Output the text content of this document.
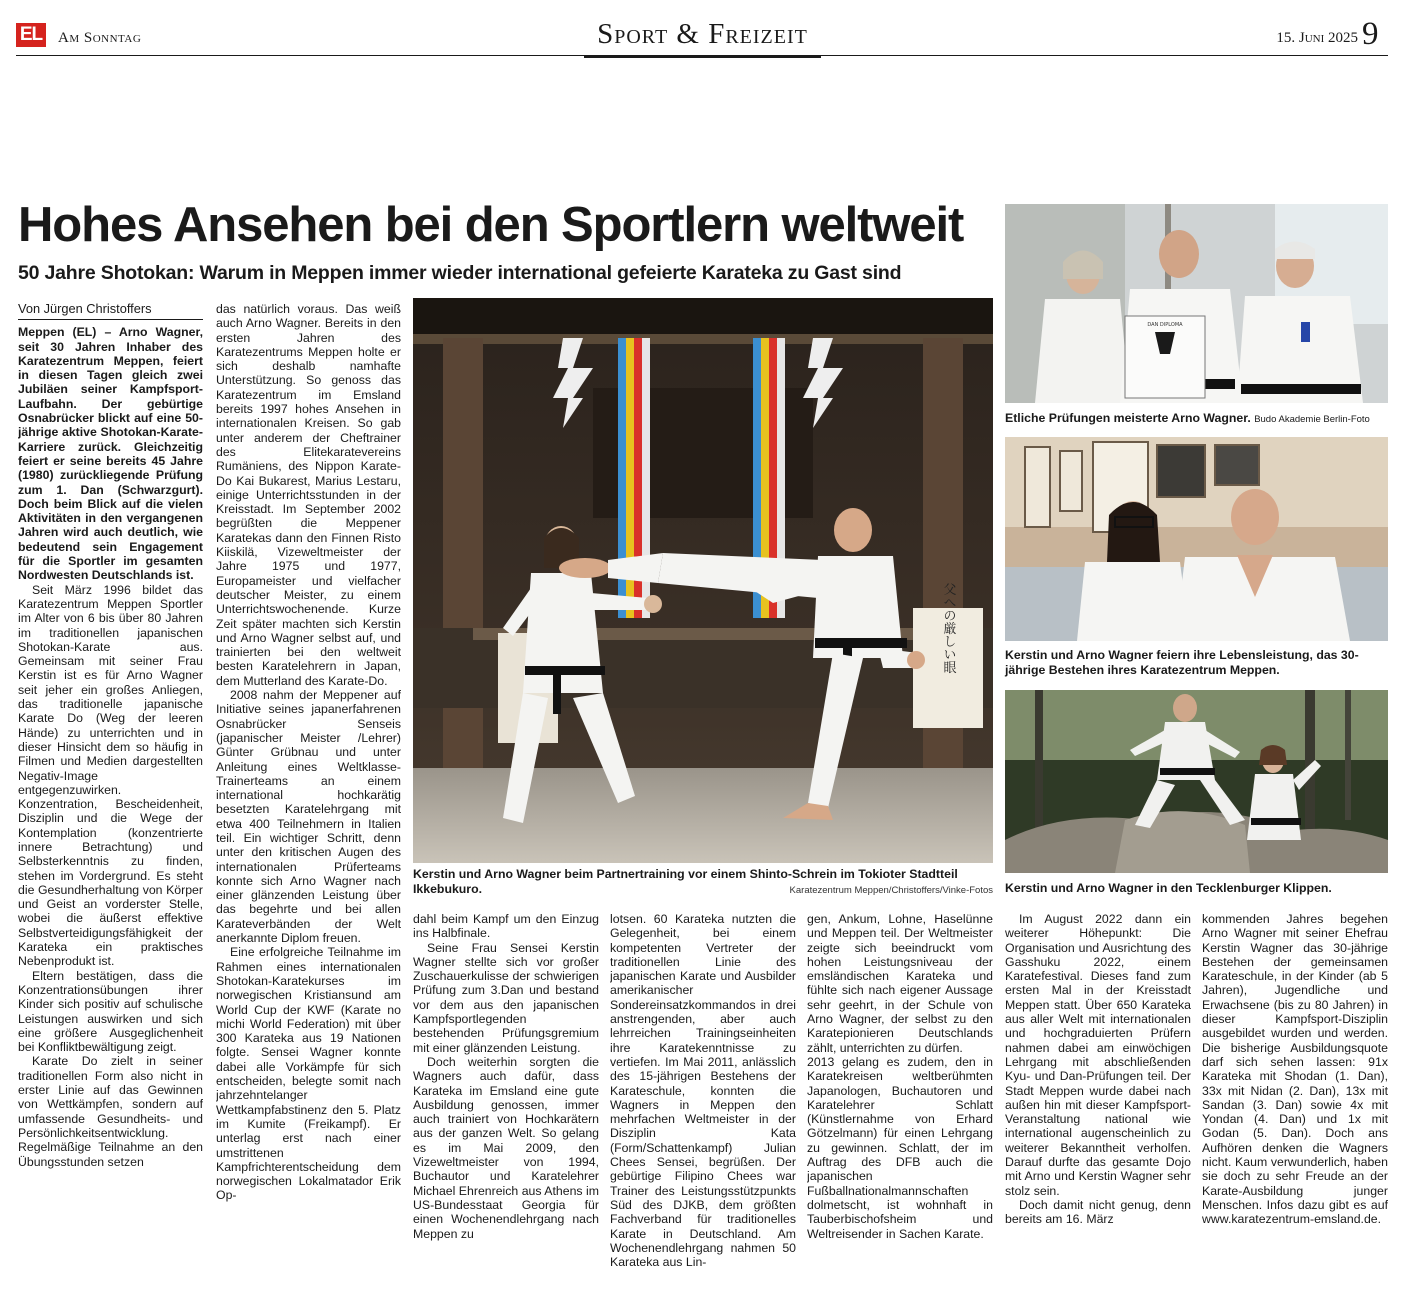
EL Am Sonntag	Sport & Freizeit	15. Juni 2025 9
Hohes Ansehen bei den Sportlern weltweit
50 Jahre Shotokan: Warum in Meppen immer wieder international gefeierte Karateka zu Gast sind
Von Jürgen Christoffers

Meppen (EL) – Arno Wagner, seit 30 Jahren Inhaber des Karatezentrum Meppen, feiert in diesen Tagen gleich zwei Jubiläen seiner Kampfsport-Laufbahn. Der gebürtige Osnabrücker blickt auf eine 50-jährige aktive Shotokan-Karate-Karriere zurück. Gleichzeitig feiert er seine bereits 45 Jahre (1980) zurückliegende Prüfung zum 1. Dan (Schwarzgurt). Doch beim Blick auf die vielen Aktivitäten in den vergangenen Jahren wird auch deutlich, wie bedeutend sein Engagement für die Sportler im gesamten Nordwesten Deutschlands ist.

Seit März 1996 bildet das Karatezentrum Meppen Sportler im Alter von 6 bis über 80 Jahren im traditionellen japanischen Shotokan-Karate aus. Gemeinsam mit seiner Frau Kerstin ist es für Arno Wagner seit jeher ein großes Anliegen, das traditionelle japanische Karate Do (Weg der leeren Hände) zu unterrichten und in dieser Hinsicht dem so häufig in Filmen und Medien dargestellten Negativ-Image entgegenzuwirken. Konzentration, Bescheidenheit, Disziplin und die Wege der Kontemplation (konzentrierte innere Betrachtung) und Selbsterkenntnis zu finden, stehen im Vordergrund. Es steht die Gesundherhaltung von Körper und Geist an vorderster Stelle, wobei die äußerst effektive Selbstverteidigungsfähigkeit der Karateka ein praktisches Nebenprodukt ist.

Eltern bestätigen, dass die Konzentrationsübungen ihrer Kinder sich positiv auf schulische Leistungen auswirken und sich eine größere Ausgeglichenheit bei Konfliktbewältigung zeigt.

Karate Do zielt in seiner traditionellen Form also nicht in erster Linie auf das Gewinnen von Wettkämpfen, sondern auf umfassende Gesundheits- und Persönlichkeitsentwicklung. Regelmäßige Teilnahme an den Übungsstunden setzen

das natürlich voraus. Das weiß auch Arno Wagner. Bereits in den ersten Jahren des Karatezentrums Meppen holte er sich deshalb namhafte Unterstützung. So genoss das Karatezentrum im Emsland bereits 1997 hohes Ansehen in internationalen Kreisen. So gab unter anderem der Cheftrainer des Elitekaratevereins Rumäniens, des Nippon Karate-Do Kai Bukarest, Marius Lestaru, einige Unterrichtsstunden in der Kreisstadt. Im September 2002 begrüßten die Meppener Karatekas dann den Finnen Risto Kiiskilä, Vizeweltmeister der Jahre 1975 und 1977, Europameister und vielfacher deutscher Meister, zu einem Unterrichtswochenende. Kurze Zeit später machten sich Kerstin und Arno Wagner selbst auf, und trainierten bei den weltweit besten Karatelehrern in Japan, dem Mutterland des Karate-Do.

2008 nahm der Meppener auf Initiative seines japanerfahrenen Osnabrücker Senseis (japanischer Meister /Lehrer) Günter Grübnau und unter Anleitung eines Weltklasse-Trainerteams an einem international hochkarätig besetzten Karatelehrgang mit etwa 400 Teilnehmern in Italien teil. Ein wichtiger Schritt, denn unter den kritischen Augen des internationalen Prüferteams konnte sich Arno Wagner nach einer glänzenden Leistung über das begehrte und bei allen Karateverbänden der Welt anerkannte Diplom freuen.

Eine erfolgreiche Teilnahme im Rahmen eines internationalen Shotokan-Karatekurses im norwegischen Kristiansund am World Cup der KWF (Karate no michi World Federation) mit über 300 Karateka aus 19 Nationen folgte. Sensei Wagner konnte dabei alle Vorkämpfe für sich entscheiden, belegte somit nach jahrzehntelanger Wettkampfabstinenz den 5. Platz im Kumite (Freikampf). Er unterlag erst nach einer umstrittenen Kampfrichterentscheidung dem norwegischen Lokalmatador Erik Op-

父への厳しい眼
Kerstin und Arno Wagner beim Partnertraining vor einem Shinto-Schrein im Tokioter Stadtteil Ikkebukuro.	Karatezentrum Meppen/Christoffers/Vinke-Fotos

dahl beim Kampf um den Einzug ins Halbfinale.

Seine Frau Sensei Kerstin Wagner stellte sich vor großer Zuschauerkulisse der schwierigen Prüfung zum 3.Dan und bestand vor dem aus den japanischen Kampfsportlegenden bestehenden Prüfungsgremium mit einer glänzenden Leistung.

Doch weiterhin sorgten die Wagners auch dafür, dass Karateka im Emsland eine gute Ausbildung genossen, immer auch trainiert von Hochkarätern aus der ganzen Welt. So gelang es im Mai 2009, den Vizeweltmeister von 1994, Buchautor und Karatelehrer Michael Ehrenreich aus Athens im US-Bundesstaat Georgia für einen Wochenendlehrgang nach Meppen zu

lotsen. 60 Karateka nutzten die Gelegenheit, bei einem kompetenten Vertreter der traditionellen Linie des japanischen Karate und Ausbilder amerikanischer Sondereinsatzkommandos in drei anstrengenden, aber auch lehrreichen Trainingseinheiten ihre Karatekenntnisse zu vertiefen. Im Mai 2011, anlässlich des 15-jährigen Bestehens der Karateschule, konnten die Wagners in Meppen den mehrfachen Weltmeister in der Disziplin Kata (Form/Schattenkampf) Julian Chees Sensei, begrüßen. Der gebürtige Filipino Chees war Trainer des Leistungsstützpunkts Süd des DJKB, dem größten Fachverband für traditionelles Karate in Deutschland. Am Wochenendlehrgang nahmen 50 Karateka aus Lin-

gen, Ankum, Lohne, Haselünne und Meppen teil. Der Weltmeister zeigte sich beeindruckt vom hohen Leistungsniveau der emsländischen Karateka und fühlte sich nach eigener Aussage sehr geehrt, in der Schule von Arno Wagner, der selbst zu den Karatepionieren Deutschlands zählt, unterrichten zu dürfen.

2013 gelang es zudem, den in Karatekreisen weltberühmten Japanologen, Buchautoren und Karatelehrer Schlatt (Künstlernahme von Erhard Götzelmann) für einen Lehrgang zu gewinnen. Schlatt, der im Auftrag des DFB auch die japanischen Fußballnationalmannschaften dolmetscht, ist wohnhaft in Tauberbischofsheim und Weltreisender in Sachen Karate.

DAN DIPLOMA
Etliche Prüfungen meisterte Arno Wagner. Budo Akademie Berlin-Foto
Kerstin und Arno Wagner feiern ihre Lebensleistung, das 30-jährige Bestehen ihres Karatezentrum Meppen.
Kerstin und Arno Wagner in den Tecklenburger Klippen.

Im August 2022 dann ein weiterer Höhepunkt: Die Organisation und Ausrichtung des Gasshuku 2022, einem Karatefestival. Dieses fand zum ersten Mal in der Kreisstadt Meppen statt. Über 650 Karateka aus aller Welt mit internationalen und hochgraduierten Prüfern nahmen dabei am einwöchigen Lehrgang mit abschließenden Kyu- und Dan-Prüfungen teil. Der Stadt Meppen wurde dabei nach außen hin mit dieser Kampfsport-Veranstaltung national wie international augenscheinlich zu weiterer Bekanntheit verholfen. Darauf durfte das gesamte Dojo mit Arno und Kerstin Wagner sehr stolz sein.

Doch damit nicht genug, denn bereits am 16. März

kommenden Jahres begehen Arno Wagner mit seiner Ehefrau Kerstin Wagner das 30-jährige Bestehen der gemeinsamen Karateschule, in der Kinder (ab 5 Jahren), Jugendliche und Erwachsene (bis zu 80 Jahren) in dieser Kampfsport-Disziplin ausgebildet wurden und werden. Die bisherige Ausbildungsquote darf sich sehen lassen: 91x Karateka mit Shodan (1. Dan), 33x mit Nidan (2. Dan), 13x mit Sandan (3. Dan) sowie 4x mit Yondan (4. Dan) und 1x mit Godan (5. Dan). Doch ans Aufhören denken die Wagners nicht. Kaum verwunderlich, haben sie doch zu sehr Freude an der Karate-Ausbildung junger Menschen. Infos dazu gibt es auf www.karatezentrum-emsland.de.
